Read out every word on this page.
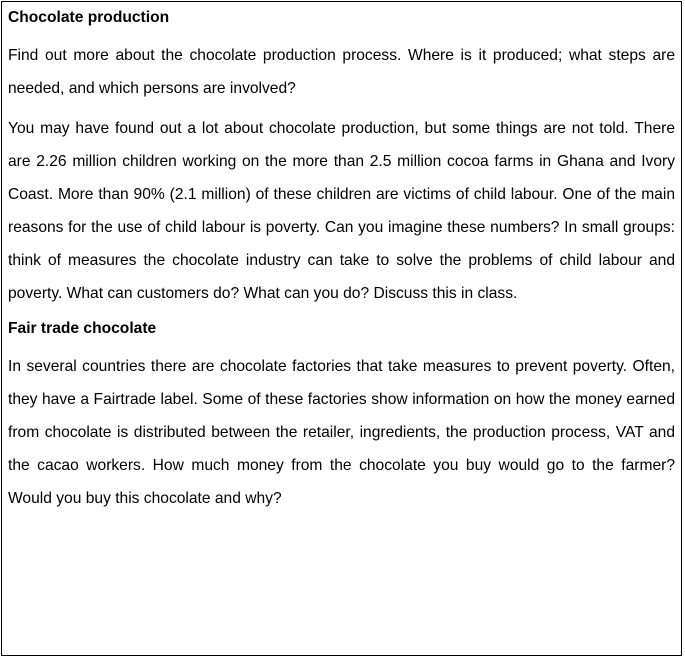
Chocolate production
Find out more about the chocolate production process. Where is it produced; what steps are needed, and which persons are involved?
You may have found out a lot about chocolate production, but some things are not told. There are 2.26 million children working on the more than 2.5 million cocoa farms in Ghana and Ivory Coast. More than 90% (2.1 million) of these children are victims of child labour. One of the main reasons for the use of child labour is poverty. Can you imagine these numbers? In small groups: think of measures the chocolate industry can take to solve the problems of child labour and poverty. What can customers do? What can you do? Discuss this in class.
Fair trade chocolate
In several countries there are chocolate factories that take measures to prevent poverty. Often, they have a Fairtrade label. Some of these factories show information on how the money earned from chocolate is distributed between the retailer, ingredients, the production process, VAT and the cacao workers. How much money from the chocolate you buy would go to the farmer? Would you buy this chocolate and why?
